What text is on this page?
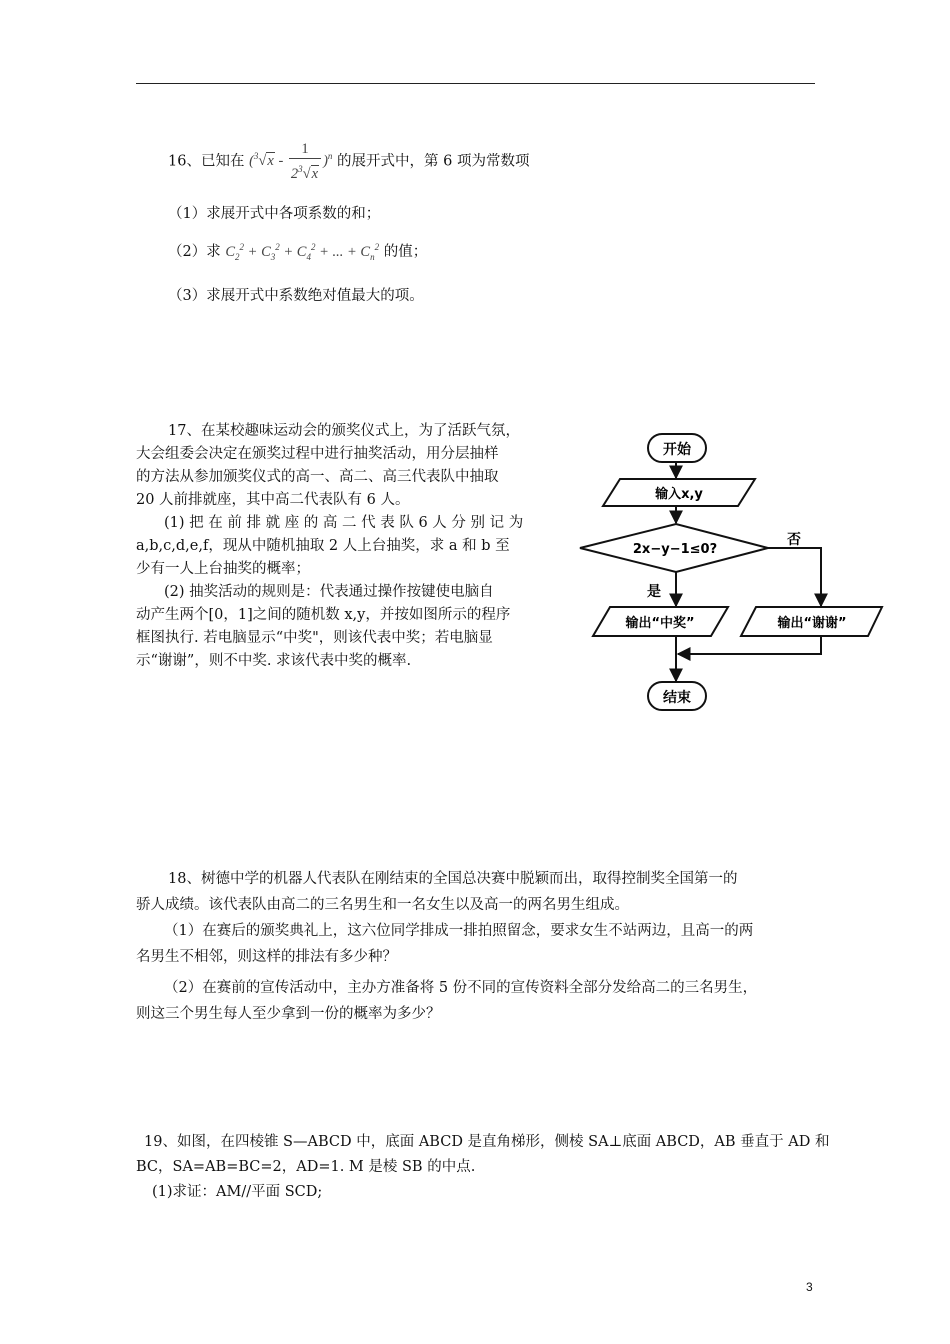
16、已知在 $(^3√x - \frac{1}{2^3√x} )^n$ 的展开式中，第 6 项为常数项
（1）求展开式中各项系数的和；
（2）求 $C_2^2 + C_3^2 + C_4^2$ + ... + $C_n^2$ 的值；
（3）求展开式中系数绝对值最大的项。

17、在某校趣味运动会的颁奖仪式上，为了活跃气氛，

大会组委会决定在颁奖过程中进行抽奖活动，用分层抽样

的方法从参加颁奖仪式的高一、高二、高三代表队中抽取

20 人前排就座，其中高二代表队有 6 人。

(1) 把 在 前 排 就 座 的 高 二 代 表 队 6 人 分 别 记 为

a,b,c,d,e,f，现从中随机抽取 2 人上台抽奖，求 a 和 b 至

少有一人上台抽奖的概率；

(2) 抽奖活动的规则是：代表通过操作按键使电脑自

动产生两个[0，1]之间的随机数 x,y，并按如图所示的程序

框图执行. 若电脑显示“中奖"，则该代表中奖；若电脑显

示“谢谢”，则不中奖. 求该代表中奖的概率.

开始
输入x,y
2x−y−1≤0?
是
否
输出“中奖”	输出“谢谢”
结束

18、树德中学的机器人代表队在刚结束的全国总决赛中脱颖而出，取得控制奖全国第一的

骄人成绩。该代表队由高二的三名男生和一名女生以及高一的两名男生组成。

（1）在赛后的颁奖典礼上，这六位同学排成一排拍照留念，要求女生不站两边，且高一的两

名男生不相邻，则这样的排法有多少种？

（2）在赛前的宣传活动中，主办方准备将 5 份不同的宣传资料全部分发给高二的三名男生，

则这三个男生每人至少拿到一份的概率为多少？

19、如图，在四棱锥 S—ABCD 中，底面 ABCD 是直角梯形，侧棱 SA⊥底面 ABCD，AB 垂直于 AD 和

BC，SA=AB=BC=2，AD=1. M 是棱 SB 的中点.

(1)求证：AM//平面 SCD;

3
